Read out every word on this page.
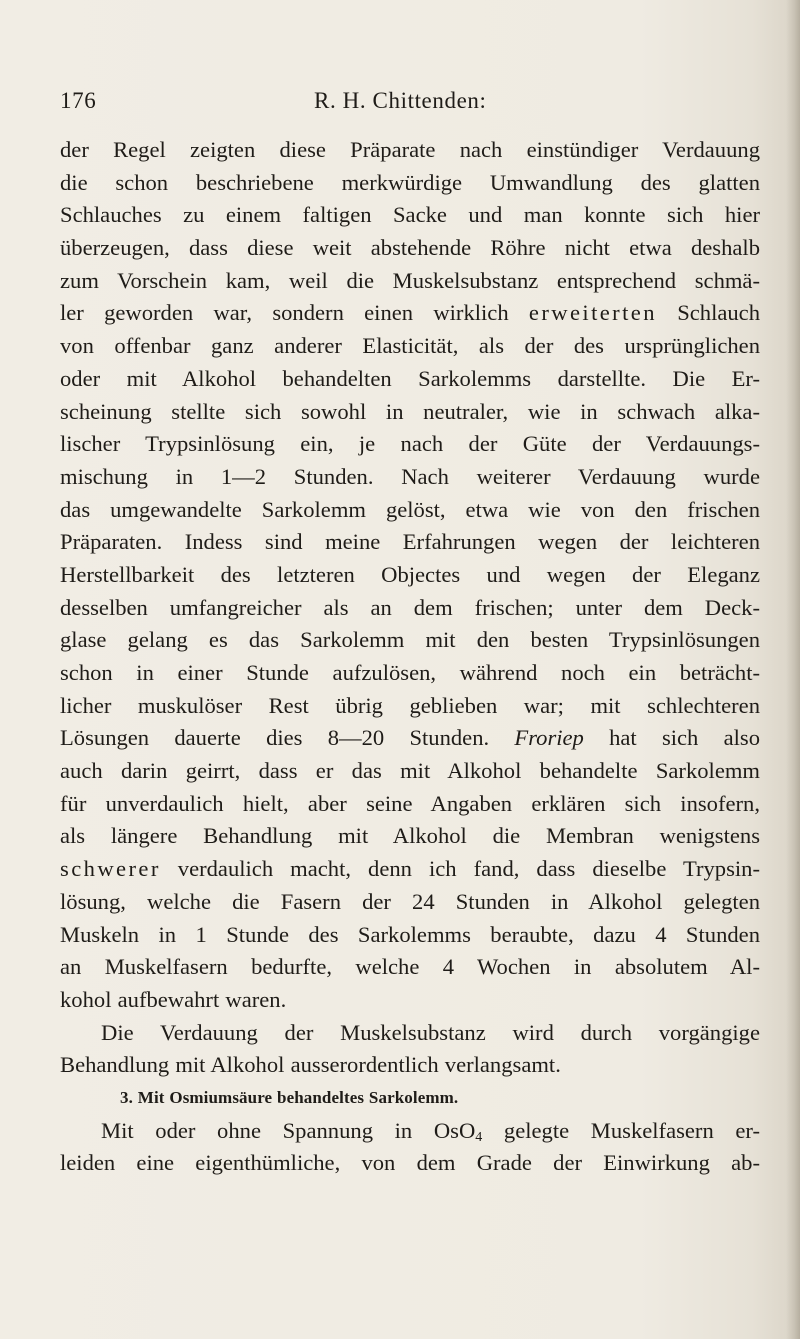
176	R. H. Chittenden:
der Regel zeigten diese Präparate nach einstündiger Verdauung
die schon beschriebene merkwürdige Umwandlung des glatten
Schlauches zu einem faltigen Sacke und man konnte sich hier
überzeugen, dass diese weit abstehende Röhre nicht etwa deshalb
zum Vorschein kam, weil die Muskelsubstanz entsprechend schmä-
ler geworden war, sondern einen wirklich erweiterten Schlauch
von offenbar ganz anderer Elasticität, als der des ursprünglichen
oder mit Alkohol behandelten Sarkolemms darstellte. Die Er-
scheinung stellte sich sowohl in neutraler, wie in schwach alka-
lischer Trypsinlösung ein, je nach der Güte der Verdauungs-
mischung in 1—2 Stunden. Nach weiterer Verdauung wurde
das umgewandelte Sarkolemm gelöst, etwa wie von den frischen
Präparaten. Indess sind meine Erfahrungen wegen der leichteren
Herstellbarkeit des letzteren Objectes und wegen der Eleganz
desselben umfangreicher als an dem frischen; unter dem Deck-
glase gelang es das Sarkolemm mit den besten Trypsinlösungen
schon in einer Stunde aufzulösen, während noch ein beträcht-
licher muskulöser Rest übrig geblieben war; mit schlechteren
Lösungen dauerte dies 8—20 Stunden. Froriep hat sich also
auch darin geirrt, dass er das mit Alkohol behandelte Sarkolemm
für unverdaulich hielt, aber seine Angaben erklären sich insofern,
als längere Behandlung mit Alkohol die Membran wenigstens
schwerer verdaulich macht, denn ich fand, dass dieselbe Trypsin-
lösung, welche die Fasern der 24 Stunden in Alkohol gelegten
Muskeln in 1 Stunde des Sarkolemms beraubte, dazu 4 Stunden
an Muskelfasern bedurfte, welche 4 Wochen in absolutem Al-
kohol aufbewahrt waren.
Die Verdauung der Muskelsubstanz wird durch vorgängige
Behandlung mit Alkohol ausserordentlich verlangsamt.
3. Mit Osmiumsäure behandeltes Sarkolemm.
Mit oder ohne Spannung in OsO$_4$ gelegte Muskelfasern er-
leiden eine eigenthümliche, von dem Grade der Einwirkung ab-
